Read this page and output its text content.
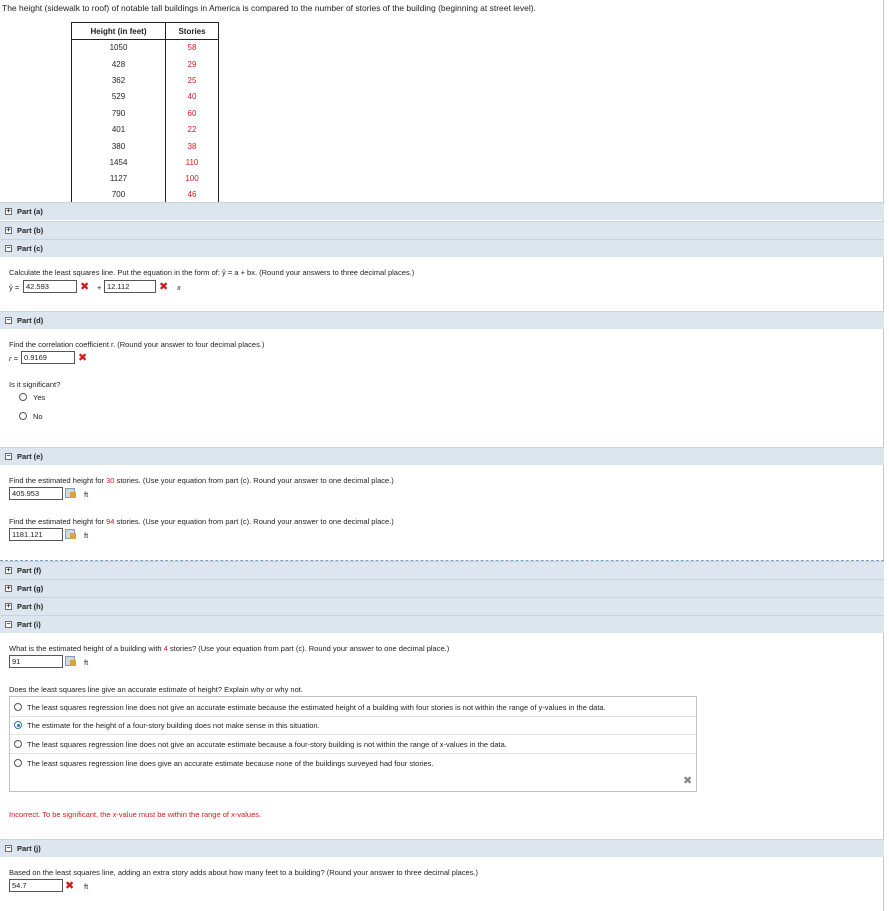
The height (sidewalk to roof) of notable tall buildings in America is compared to the number of stories of the building (beginning at street level).
Height (in feet)	Stories
1050	58
428	29
362	25
529	40
790	60
401	22
380	38
1454	110
1127	100
700	46
+ Part (a)
+ Part (b)
− Part (c)
Calculate the least squares line. Put the equation in the form of: ŷ = a + bx. (Round your answers to three decimal places.)
ŷ = 42.593	✖ + 12.112	✖ x
− Part (d)
Find the correlation coefficient r. (Round your answer to four decimal places.)
r = 0.9169	✖
Is it significant?
Yes
No
− Part (e)
Find the estimated height for 30 stories. (Use your equation from part (c). Round your answer to one decimal place.)
405.953	ft
Find the estimated height for 94 stories. (Use your equation from part (c). Round your answer to one decimal place.)
1181.121	ft
+ Part (f)
+ Part (g)
+ Part (h)
− Part (i)
What is the estimated height of a building with 4 stories? (Use your equation from part (c). Round your answer to one decimal place.)
91	ft
Does the least squares line give an accurate estimate of height? Explain why or why not.
The least squares regression line does not give an accurate estimate because the estimated height of a building with four stories is not within the range of y-values in the data.
The estimate for the height of a four-story building does not make sense in this situation.
The least squares regression line does not give an accurate estimate because a four-story building is not within the range of x-values in the data.
The least squares regression line does give an accurate estimate because none of the buildings surveyed had four stories.
✖
Incorrect. To be significant, the x-value must be within the range of x-values.
− Part (j)
Based on the least squares line, adding an extra story adds about how many feet to a building? (Round your answer to three decimal places.)
54.7	✖ ft
